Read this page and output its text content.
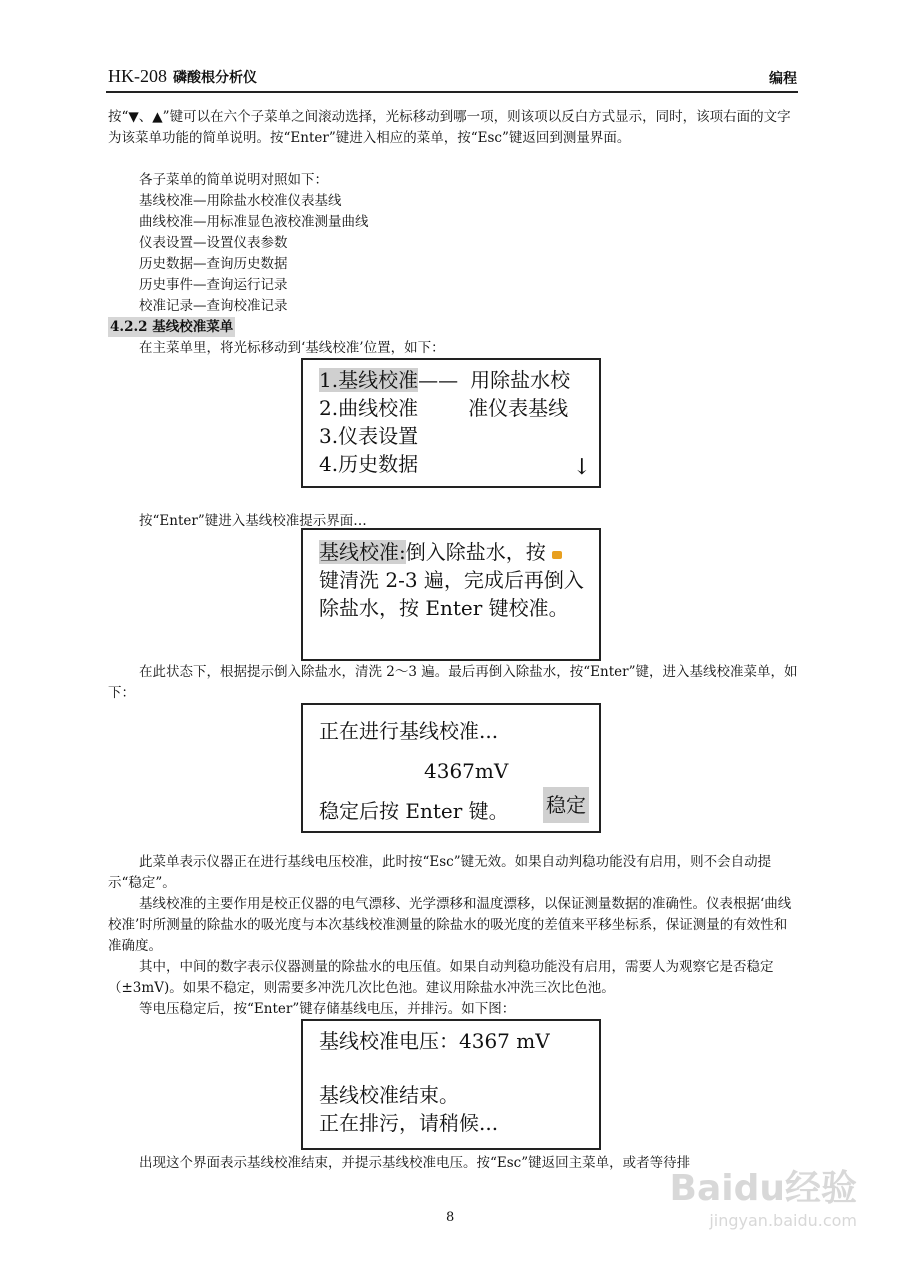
HK-208 磷酸根分析仪	编程
按“▼、▲”键可以在六个子菜单之间滚动选择，光标移动到哪一项，则该项以反白方式显示，同时，该项右面的文字为该菜单功能的简单说明。按“Enter”键进入相应的菜单，按“Esc”键返回到测量界面。
各子菜单的简单说明对照如下：
基线校准—用除盐水校准仪表基线
曲线校准—用标准显色液校准测量曲线
仪表设置—设置仪表参数
历史数据—查询历史数据
历史事件—查询运行记录
校准记录—查询校准记录
4.2.2 基线校准菜单
在主菜单里，将光标移动到‘基线校准’位置，如下：
1.基线校准—— 用除盐水校
2.曲线校准	准仪表基线
3.仪表设置
4.历史数据	↓
按“Enter”键进入基线校准提示界面…
基线校准:倒入除盐水，按
键清洗 2-3 遍，完成后再倒入
除盐水，按 Enter 键校准。
在此状态下，根据提示倒入除盐水，清洗 2～3 遍。最后再倒入除盐水，按“Enter”键，进入基线校准菜单，如下：
正在进行基线校准...
4367mV
稳定后按 Enter 键。 稳定
此菜单表示仪器正在进行基线电压校准，此时按“Esc”键无效。如果自动判稳功能没有启用，则不会自动提示“稳定”。
基线校准的主要作用是校正仪器的电气漂移、光学漂移和温度漂移，以保证测量数据的准确性。仪表根据‘曲线校准’时所测量的除盐水的吸光度与本次基线校准测量的除盐水的吸光度的差值来平移坐标系，保证测量的有效性和准确度。
其中，中间的数字表示仪器测量的除盐水的电压值。如果自动判稳功能没有启用，需要人为观察它是否稳定（±3mV)。如果不稳定，则需要多冲洗几次比色池。建议用除盐水冲洗三次比色池。
等电压稳定后，按“Enter”键存储基线电压，并排污。如下图：
基线校准电压：4367 mV
基线校准结束。
正在排污，请稍候...
出现这个界面表示基线校准结束，并提示基线校准电压。按“Esc”键返回主菜单，或者等待排
8
Baidu经验
jingyan.baidu.com
